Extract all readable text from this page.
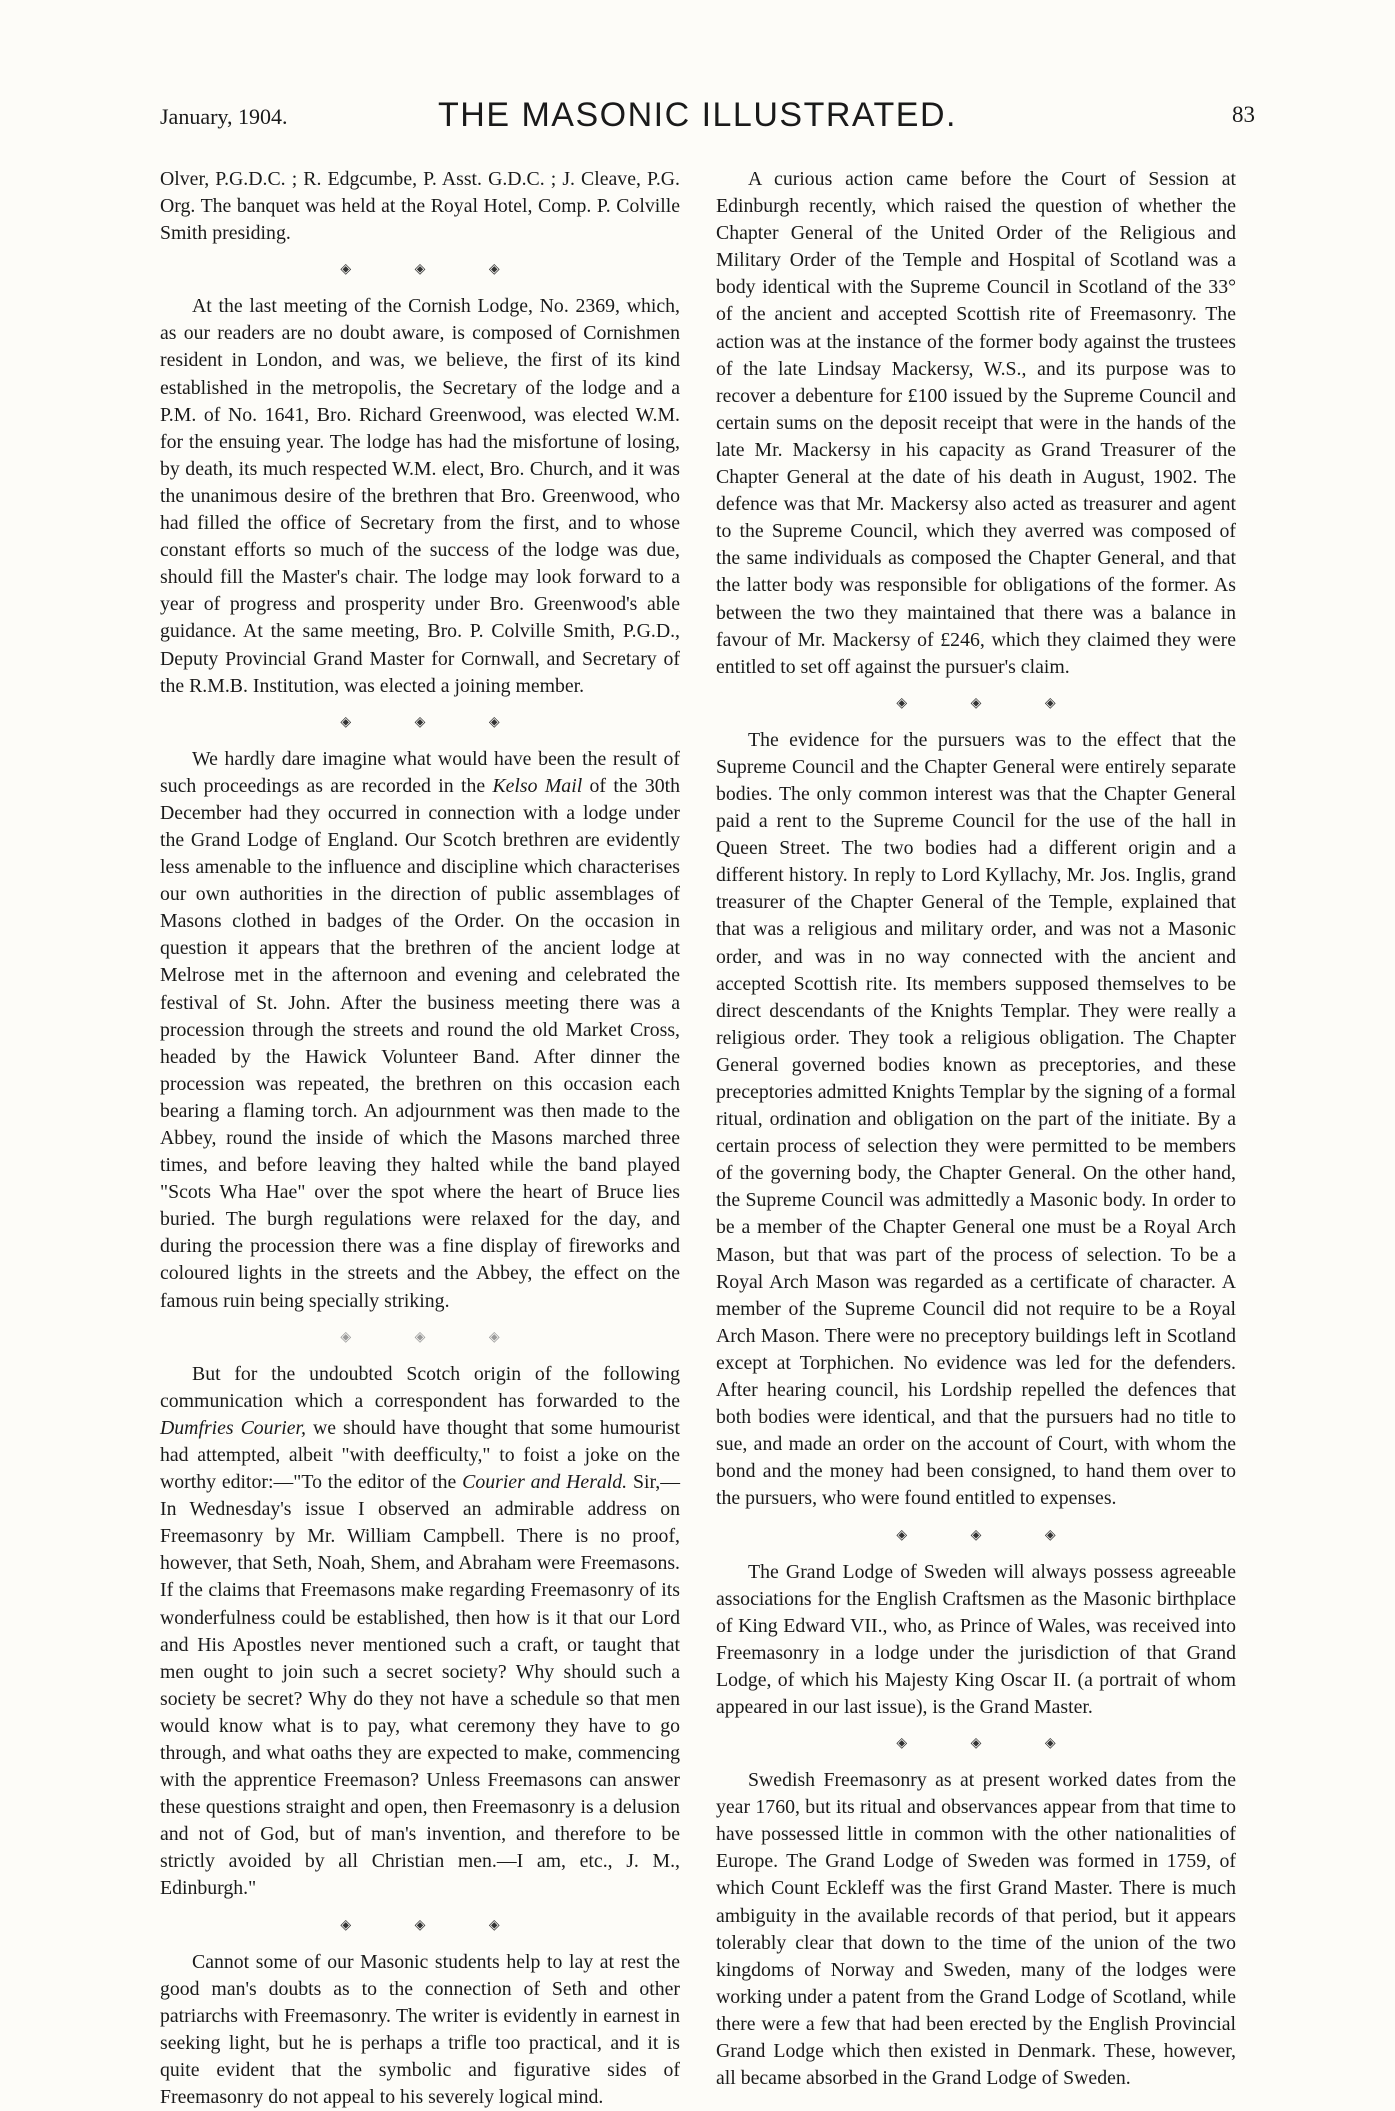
January, 1904.	THE MASONIC ILLUSTRATED.	83

Olver, P.G.D.C. ; R. Edgcumbe, P. Asst. G.D.C. ; J. Cleave, P.G. Org. The banquet was held at the Royal Hotel, Comp. P. Colville Smith presiding.

◈ ◈ ◈

At the last meeting of the Cornish Lodge, No. 2369, which, as our readers are no doubt aware, is composed of Cornishmen resident in London, and was, we believe, the first of its kind established in the metropolis, the Secretary of the lodge and a P.M. of No. 1641, Bro. Richard Greenwood, was elected W.M. for the ensuing year. The lodge has had the misfortune of losing, by death, its much respected W.M. elect, Bro. Church, and it was the unanimous desire of the brethren that Bro. Greenwood, who had filled the office of Secretary from the first, and to whose constant efforts so much of the success of the lodge was due, should fill the Master's chair. The lodge may look forward to a year of progress and prosperity under Bro. Greenwood's able guidance. At the same meeting, Bro. P. Colville Smith, P.G.D., Deputy Provincial Grand Master for Cornwall, and Secretary of the R.M.B. Institution, was elected a joining member.

◈ ◈ ◈

We hardly dare imagine what would have been the result of such proceedings as are recorded in the Kelso Mail of the 30th December had they occurred in connection with a lodge under the Grand Lodge of England. Our Scotch brethren are evidently less amenable to the influence and discipline which characterises our own authorities in the direction of public assemblages of Masons clothed in badges of the Order. On the occasion in question it appears that the brethren of the ancient lodge at Melrose met in the afternoon and evening and celebrated the festival of St. John. After the business meeting there was a procession through the streets and round the old Market Cross, headed by the Hawick Volunteer Band. After dinner the procession was repeated, the brethren on this occasion each bearing a flaming torch. An adjournment was then made to the Abbey, round the inside of which the Masons marched three times, and before leaving they halted while the band played "Scots Wha Hae" over the spot where the heart of Bruce lies buried. The burgh regulations were relaxed for the day, and during the procession there was a fine display of fireworks and coloured lights in the streets and the Abbey, the effect on the famous ruin being specially striking.

◈ ◈ ◈

But for the undoubted Scotch origin of the following communication which a correspondent has forwarded to the Dumfries Courier, we should have thought that some humourist had attempted, albeit "with deefficulty," to foist a joke on the worthy editor:—"To the editor of the Courier and Herald. Sir,—In Wednesday's issue I observed an admirable address on Freemasonry by Mr. William Campbell. There is no proof, however, that Seth, Noah, Shem, and Abraham were Freemasons. If the claims that Freemasons make regarding Freemasonry of its wonderfulness could be established, then how is it that our Lord and His Apostles never mentioned such a craft, or taught that men ought to join such a secret society? Why should such a society be secret? Why do they not have a schedule so that men would know what is to pay, what ceremony they have to go through, and what oaths they are expected to make, commencing with the apprentice Freemason? Unless Freemasons can answer these questions straight and open, then Freemasonry is a delusion and not of God, but of man's invention, and therefore to be strictly avoided by all Christian men.—I am, etc., J. M., Edinburgh."

◈ ◈ ◈

Cannot some of our Masonic students help to lay at rest the good man's doubts as to the connection of Seth and other patriarchs with Freemasonry. The writer is evidently in earnest in seeking light, but he is perhaps a trifle too practical, and it is quite evident that the symbolic and figurative sides of Freemasonry do not appeal to his severely logical mind.

A curious action came before the Court of Session at Edinburgh recently, which raised the question of whether the Chapter General of the United Order of the Religious and Military Order of the Temple and Hospital of Scotland was a body identical with the Supreme Council in Scotland of the 33° of the ancient and accepted Scottish rite of Freemasonry. The action was at the instance of the former body against the trustees of the late Lindsay Mackersy, W.S., and its purpose was to recover a debenture for £100 issued by the Supreme Council and certain sums on the deposit receipt that were in the hands of the late Mr. Mackersy in his capacity as Grand Treasurer of the Chapter General at the date of his death in August, 1902. The defence was that Mr. Mackersy also acted as treasurer and agent to the Supreme Council, which they averred was composed of the same individuals as composed the Chapter General, and that the latter body was responsible for obligations of the former. As between the two they maintained that there was a balance in favour of Mr. Mackersy of £246, which they claimed they were entitled to set off against the pursuer's claim.

◈ ◈ ◈

The evidence for the pursuers was to the effect that the Supreme Council and the Chapter General were entirely separate bodies. The only common interest was that the Chapter General paid a rent to the Supreme Council for the use of the hall in Queen Street. The two bodies had a different origin and a different history. In reply to Lord Kyllachy, Mr. Jos. Inglis, grand treasurer of the Chapter General of the Temple, explained that that was a religious and military order, and was not a Masonic order, and was in no way connected with the ancient and accepted Scottish rite. Its members supposed themselves to be direct descendants of the Knights Templar. They were really a religious order. They took a religious obligation. The Chapter General governed bodies known as preceptories, and these preceptories admitted Knights Templar by the signing of a formal ritual, ordination and obligation on the part of the initiate. By a certain process of selection they were permitted to be members of the governing body, the Chapter General. On the other hand, the Supreme Council was admittedly a Masonic body. In order to be a member of the Chapter General one must be a Royal Arch Mason, but that was part of the process of selection. To be a Royal Arch Mason was regarded as a certificate of character. A member of the Supreme Council did not require to be a Royal Arch Mason. There were no preceptory buildings left in Scotland except at Torphichen. No evidence was led for the defenders. After hearing council, his Lordship repelled the defences that both bodies were identical, and that the pursuers had no title to sue, and made an order on the account of Court, with whom the bond and the money had been consigned, to hand them over to the pursuers, who were found entitled to expenses.

◈ ◈ ◈

The Grand Lodge of Sweden will always possess agreeable associations for the English Craftsmen as the Masonic birthplace of King Edward VII., who, as Prince of Wales, was received into Freemasonry in a lodge under the jurisdiction of that Grand Lodge, of which his Majesty King Oscar II. (a portrait of whom appeared in our last issue), is the Grand Master.

◈ ◈ ◈

Swedish Freemasonry as at present worked dates from the year 1760, but its ritual and observances appear from that time to have possessed little in common with the other nationalities of Europe. The Grand Lodge of Sweden was formed in 1759, of which Count Eckleff was the first Grand Master. There is much ambiguity in the available records of that period, but it appears tolerably clear that down to the time of the union of the two kingdoms of Norway and Sweden, many of the lodges were working under a patent from the Grand Lodge of Scotland, while there were a few that had been erected by the English Provincial Grand Lodge which then existed in Denmark. These, however, all became absorbed in the Grand Lodge of Sweden.
